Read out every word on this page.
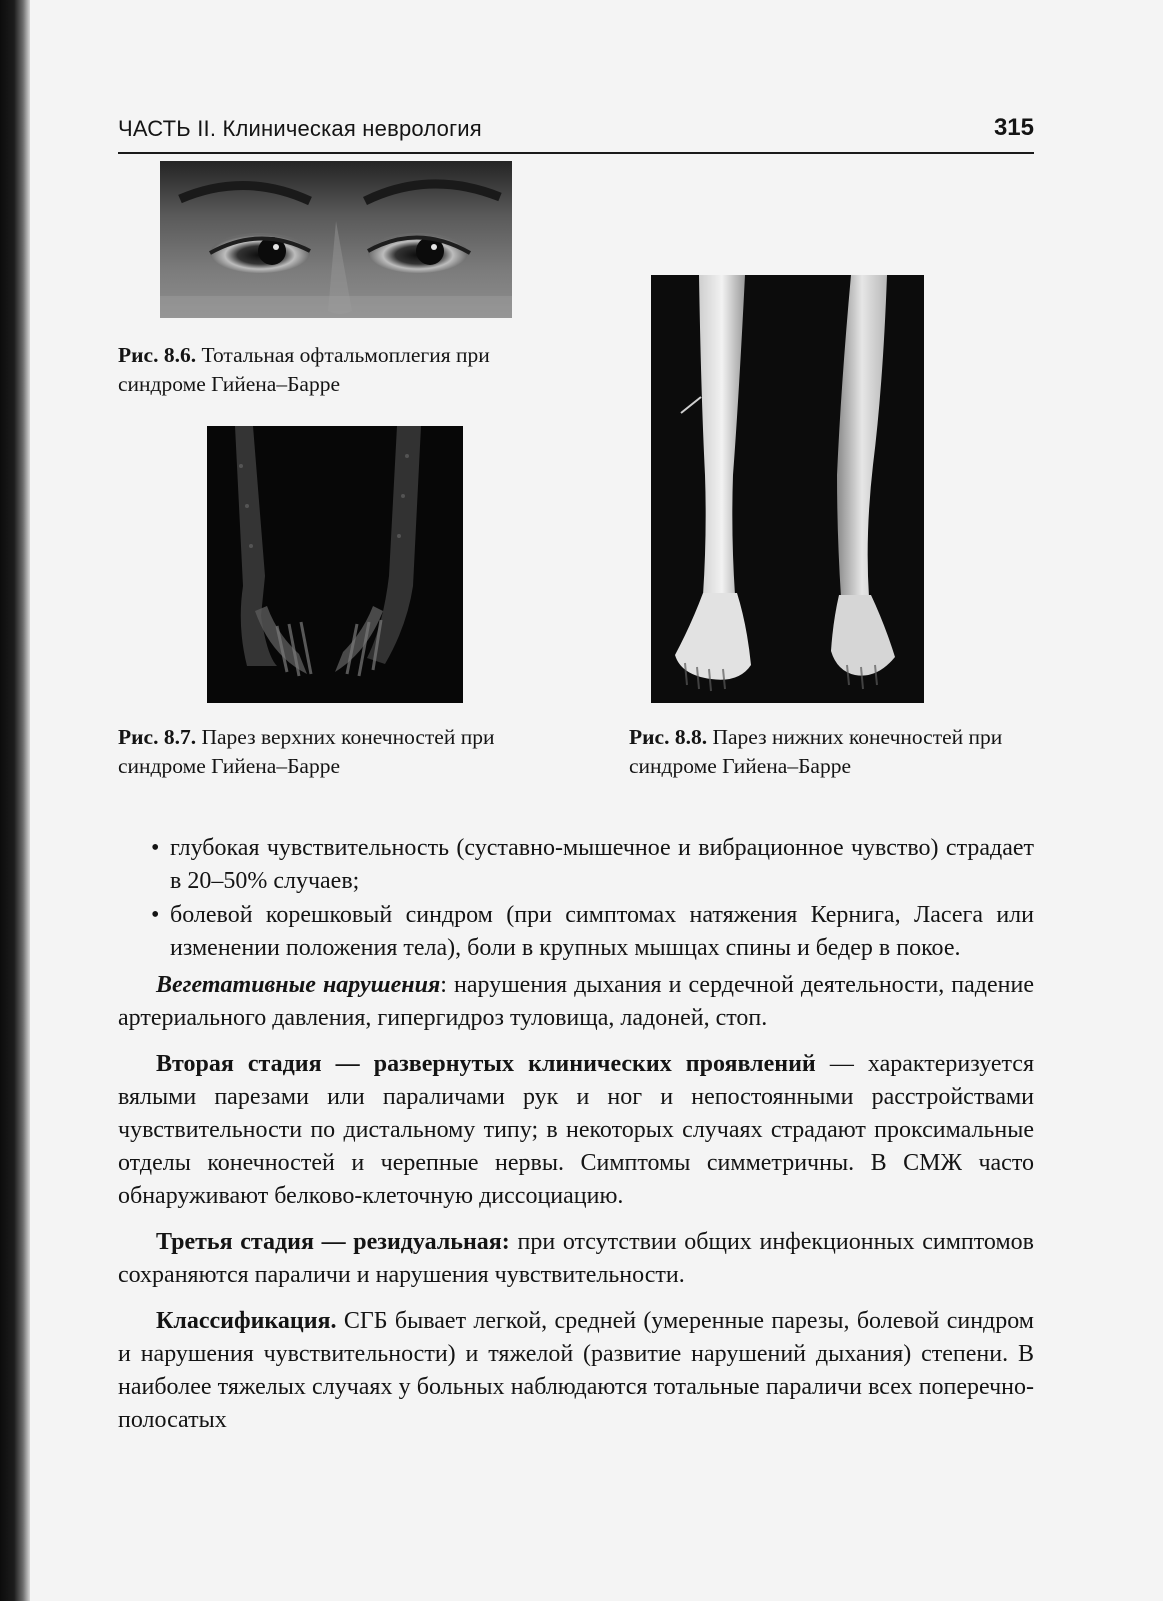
ЧАСТЬ II. Клиническая неврология	315

Рис. 8.6. Тотальная офтальмоплегия при синдроме Гийена–Барре

Рис. 8.7. Парез верхних конечностей при синдроме Гийена–Барре

Рис. 8.8. Парез нижних конечностей при синдроме Гийена–Барре

• глубокая чувствительность (суставно-мышечное и вибрационное чувство) страдает в 20–50% случаев;
• болевой корешковый синдром (при симптомах натяжения Кернига, Ласега или изменении положения тела), боли в крупных мышцах спины и бедер в покое.

Вегетативные нарушения: нарушения дыхания и сердечной деятельности, падение артериального давления, гипергидроз туловища, ладоней, стоп.

Вторая стадия — развернутых клинических проявлений — характеризуется вялыми парезами или параличами рук и ног и непостоянными расстройствами чувствительности по дистальному типу; в некоторых случаях страдают проксимальные отделы конечностей и черепные нервы. Симптомы симметричны. В СМЖ часто обнаруживают белково-клеточную диссоциацию.

Третья стадия — резидуальная: при отсутствии общих инфекционных симптомов сохраняются параличи и нарушения чувствительности.

Классификация. СГБ бывает легкой, средней (умеренные парезы, болевой синдром и нарушения чувствительности) и тяжелой (развитие нарушений дыхания) степени. В наиболее тяжелых случаях у больных наблюдаются тотальные параличи всех поперечно-полосатых
